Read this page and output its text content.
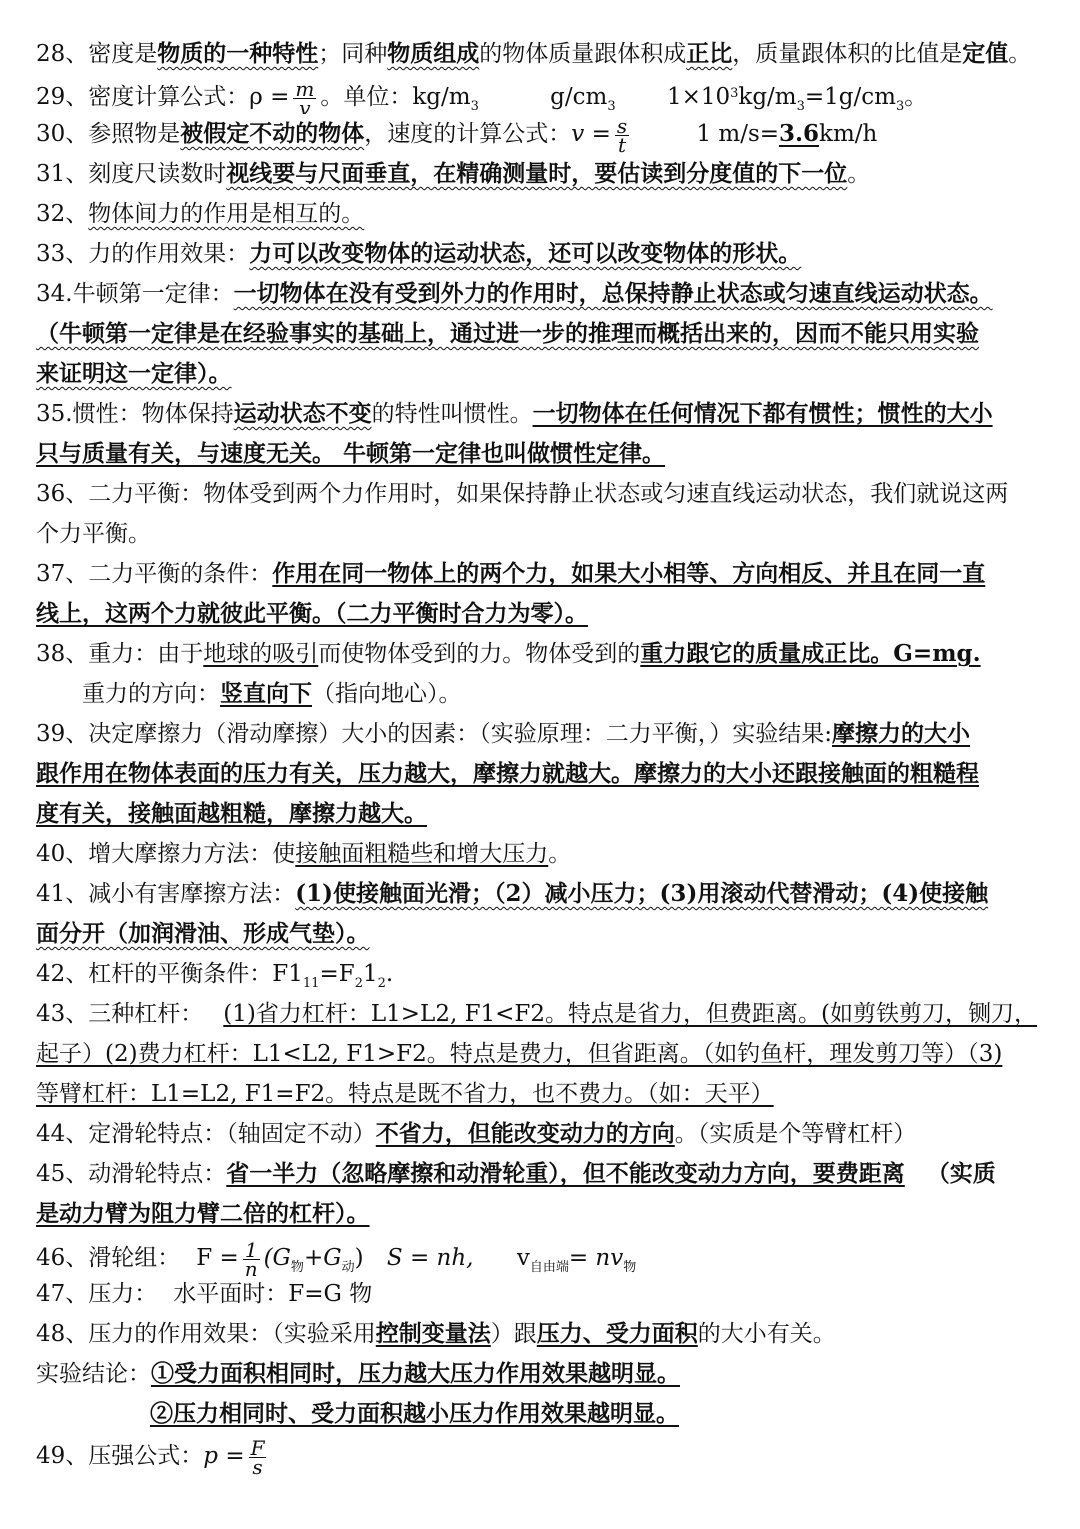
28、密度是物质的一种特性；同种物质组成的物体质量跟体积成正比，质量跟体积的比值是定值。
29、密度计算公式：$\rho = \frac{m}{v}$ 。单位：$kg/m_3$	$g/cm_3$ $1\times 10^3kg/m_3=1g/cm_3$。
30、参照物是被假定不动的物体，速度的计算公式：$v = \frac{s}{t}$	1 m/s=3.6km/h
31、刻度尺读数时视线要与尺面垂直，在精确测量时，要估读到分度值的下一位。
32、物体间力的作用是相互的。
33、力的作用效果：力可以改变物体的运动状态，还可以改变物体的形状。
34.牛顿第一定律：一切物体在没有受到外力的作用时，总保持静止状态或匀速直线运动状态。
（牛顿第一定律是在经验事实的基础上，通过进一步的推理而概括出来的，因而不能只用实验
来证明这一定律）。
35.惯性：物体保持运动状态不变的特性叫惯性。一切物体在任何情况下都有惯性；惯性的大小
只与质量有关，与速度无关。 牛顿第一定律也叫做惯性定律。
36、二力平衡：物体受到两个力作用时，如果保持静止状态或匀速直线运动状态，我们就说这两
个力平衡。
37、二力平衡的条件：作用在同一物体上的两个力，如果大小相等、方向相反、并且在同一直
线上，这两个力就彼此平衡。（二力平衡时合力为零）。
38、重力：由于地球的吸引而使物体受到的力。物体受到的重力跟它的质量成正比。G=mg.
重力的方向：竖直向下（指向地心）。
39、决定摩擦力（滑动摩擦）大小的因素：（实验原理：二力平衡，）实验结果:摩擦力的大小
跟作用在物体表面的压力有关，压力越大，摩擦力就越大。摩擦力的大小还跟接触面的粗糙程
度有关，接触面越粗糙，摩擦力越大。
40、增大摩擦力方法：使接触面粗糙些和增大压力。
41、减小有害摩擦方法：(1)使接触面光滑；（2）减小压力；(3)用滚动代替滑动；(4)使接触
面分开（加润滑油、形成气垫）。
42、杠杆的平衡条件：$F1_{11}=F_21_2$.
43、三种杠杆： (1)省力杠杆：L1>L2, F1<F2。特点是省力，但费距离。(如剪铁剪刀，铡刀，
起子）(2)费力杠杆：L1<L2, F1>F2。特点是费力，但省距离。（如钓鱼杆，理发剪刀等）（3)
等臂杠杆：L1=L2, F1=F2。特点是既不省力，也不费力。（如：天平）
44、定滑轮特点：（轴固定不动）不省力，但能改变动力的方向。（实质是个等臂杠杆）
45、动滑轮特点：省一半力（忽略摩擦和动滑轮重），但不能改变动力方向，要费距离 （实质
是动力臂为阻力臂二倍的杠杆）。
46、滑轮组： $F = \frac{1}{n} (G_物+G_动) S$ = nh, $v_{自由端}= nv_物$
47、压力： 水平面时：F=G 物
48、压力的作用效果：（实验采用控制变量法）跟压力、受力面积的大小有关。
实验结论：①受力面积相同时，压力越大压力作用效果越明显。
②压力相同时、受力面积越小压力作用效果越明显。
49、压强公式：$p = \frac{F}{s}$
